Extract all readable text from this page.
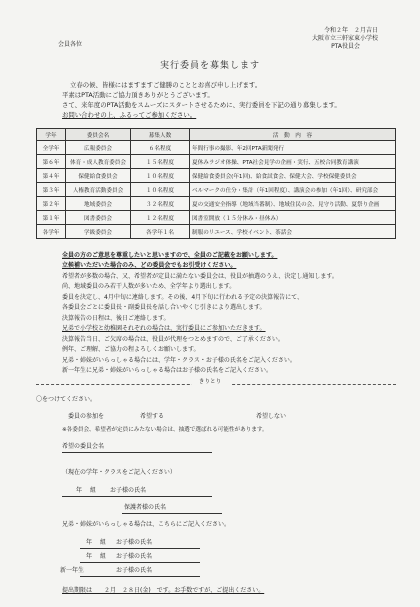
令和２年　２月吉日
会員各位
大阪市立三軒家東小学校
PTA役員会
実行委員を募集します
立春の候、皆様にはますますご健勝のこととお喜び申し上げます。
平素はPTA活動にご協力頂きありがとうございます。
さて、来年度のPTA活動をスムーズにスタートさせるために、実行委員を下記の通り募集します。
お問い合わせの上、ふるってご参加ください。
学年	委員会名	募集人数	活　動　内　容
全学年	広報委員会	６名程度	年間行事の撮影、年2回PTA新聞発行
第６年	体育・成人教育委員会	１５名程度	夏休みラジオ体操、PTA社会見学の企画・実行、五校合同教育講演
第４年	保健給食委員会	１０名程度	保健給食委員会(年1回)、給食試食会、保健大会、学校保健委員会
第３年	人権教育活動委員会	１０名程度	ベルマークの仕分・集計（年1回程度）、講演会の参加（年1回）、研究部会
第２年	地域委員会	３２名程度	夏の交通安全指導（地域当番制）、地域住民の会、見守り活動、夏祭り企画
第１年	図書委員会	１２名程度	図書室開放（１５分休み・昼休み）
各学年	学級委員会	各学年１名	制服のリユース、学校イベント、茶話会
全員の方のご意思を尊重したいと思いますので、全員のご記載をお願いします。
立候補いただいた場合のみ、どの委員会でもお引受けください。
希望者が多数の場合、又、希望者が定員に満たない委員会は、役員が抽選のうえ、決定し通知します。
尚、地域委員のみ若干人数が多いため、全学年より選出します。
委員を決定し、4月中旬に連絡します。その後、4月下旬に行われる予定の決算報告にて、
各委員会ごとに委員長・副委員長を話し合いやくじ引きにより選出します。
決算報告の日程は、後日ご連絡します。
兄弟で小学校と幼稚園それぞれの場合は、実行委員にご参加いただきます。
決算報告当日、ご欠席の場合は、役員が代理をつとめますので、ご了承ください。
例年、ご理解、ご協力の程よろしくお願いします。
兄弟・姉妹がいらっしゃる場合には、学年・クラス・お子様の氏名をご記入ください。
新一年生に兄弟・姉妹がいらっしゃる場合はお子様の氏名をご記入ください。
きりとり
〇をつけてください。
委員の参加を	希望する	希望しない
※各委員会、希望者が定員にみたない場合は、抽選で選ばれる可能性があります。
希望の委員会名
（現在の学年・クラスをご記入ください）
年 組 お子様の氏名
保護者様の氏名
兄弟・姉妹がいらっしゃる場合は、こちらにご記入ください。
年 組 お子様の氏名
年 組 お子様の氏名
新一年生	お子様の氏名
提出期限は　　２月　２８日(金)　です。お手数ですが、ご提出ください。
